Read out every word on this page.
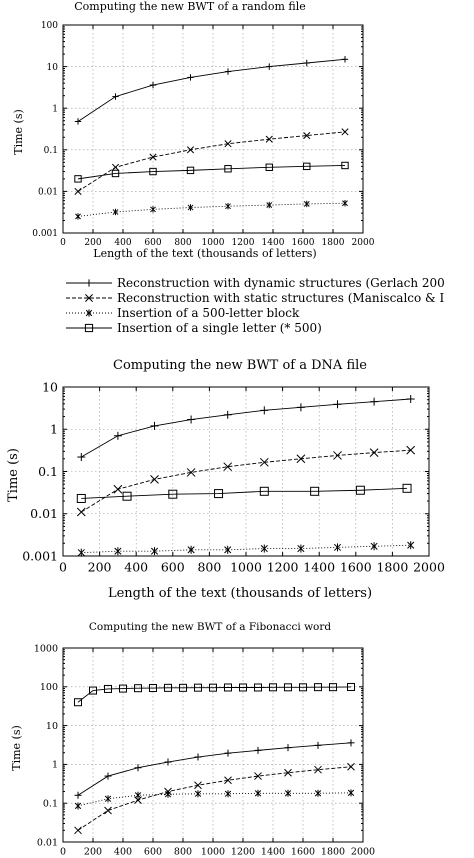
Computing the new BWT of a random file
Time (s)
Length of the text (thousands of letters)
0 200 400 600 800 1000 1200 1400 1600 1800 2000
0.001
0.01
0.1
1
10
100
Reconstruction with dynamic structures (Gerlach 200
Reconstruction with static structures (Maniscalco & I
Insertion of a 500-letter block
Insertion of a single letter (* 500)
Computing the new BWT of a DNA file
Time (s)
Length of the text (thousands of letters)
0 200 400 600 800 1000 1200 1400 1600 1800 2000
0.001
0.01
0.1
1
10
Computing the new BWT of a Fibonacci word
Time (s)
0 200 400 600 800 1000 1200 1400 1600 1800 2000
0.01
0.1
1
10
100
1000
